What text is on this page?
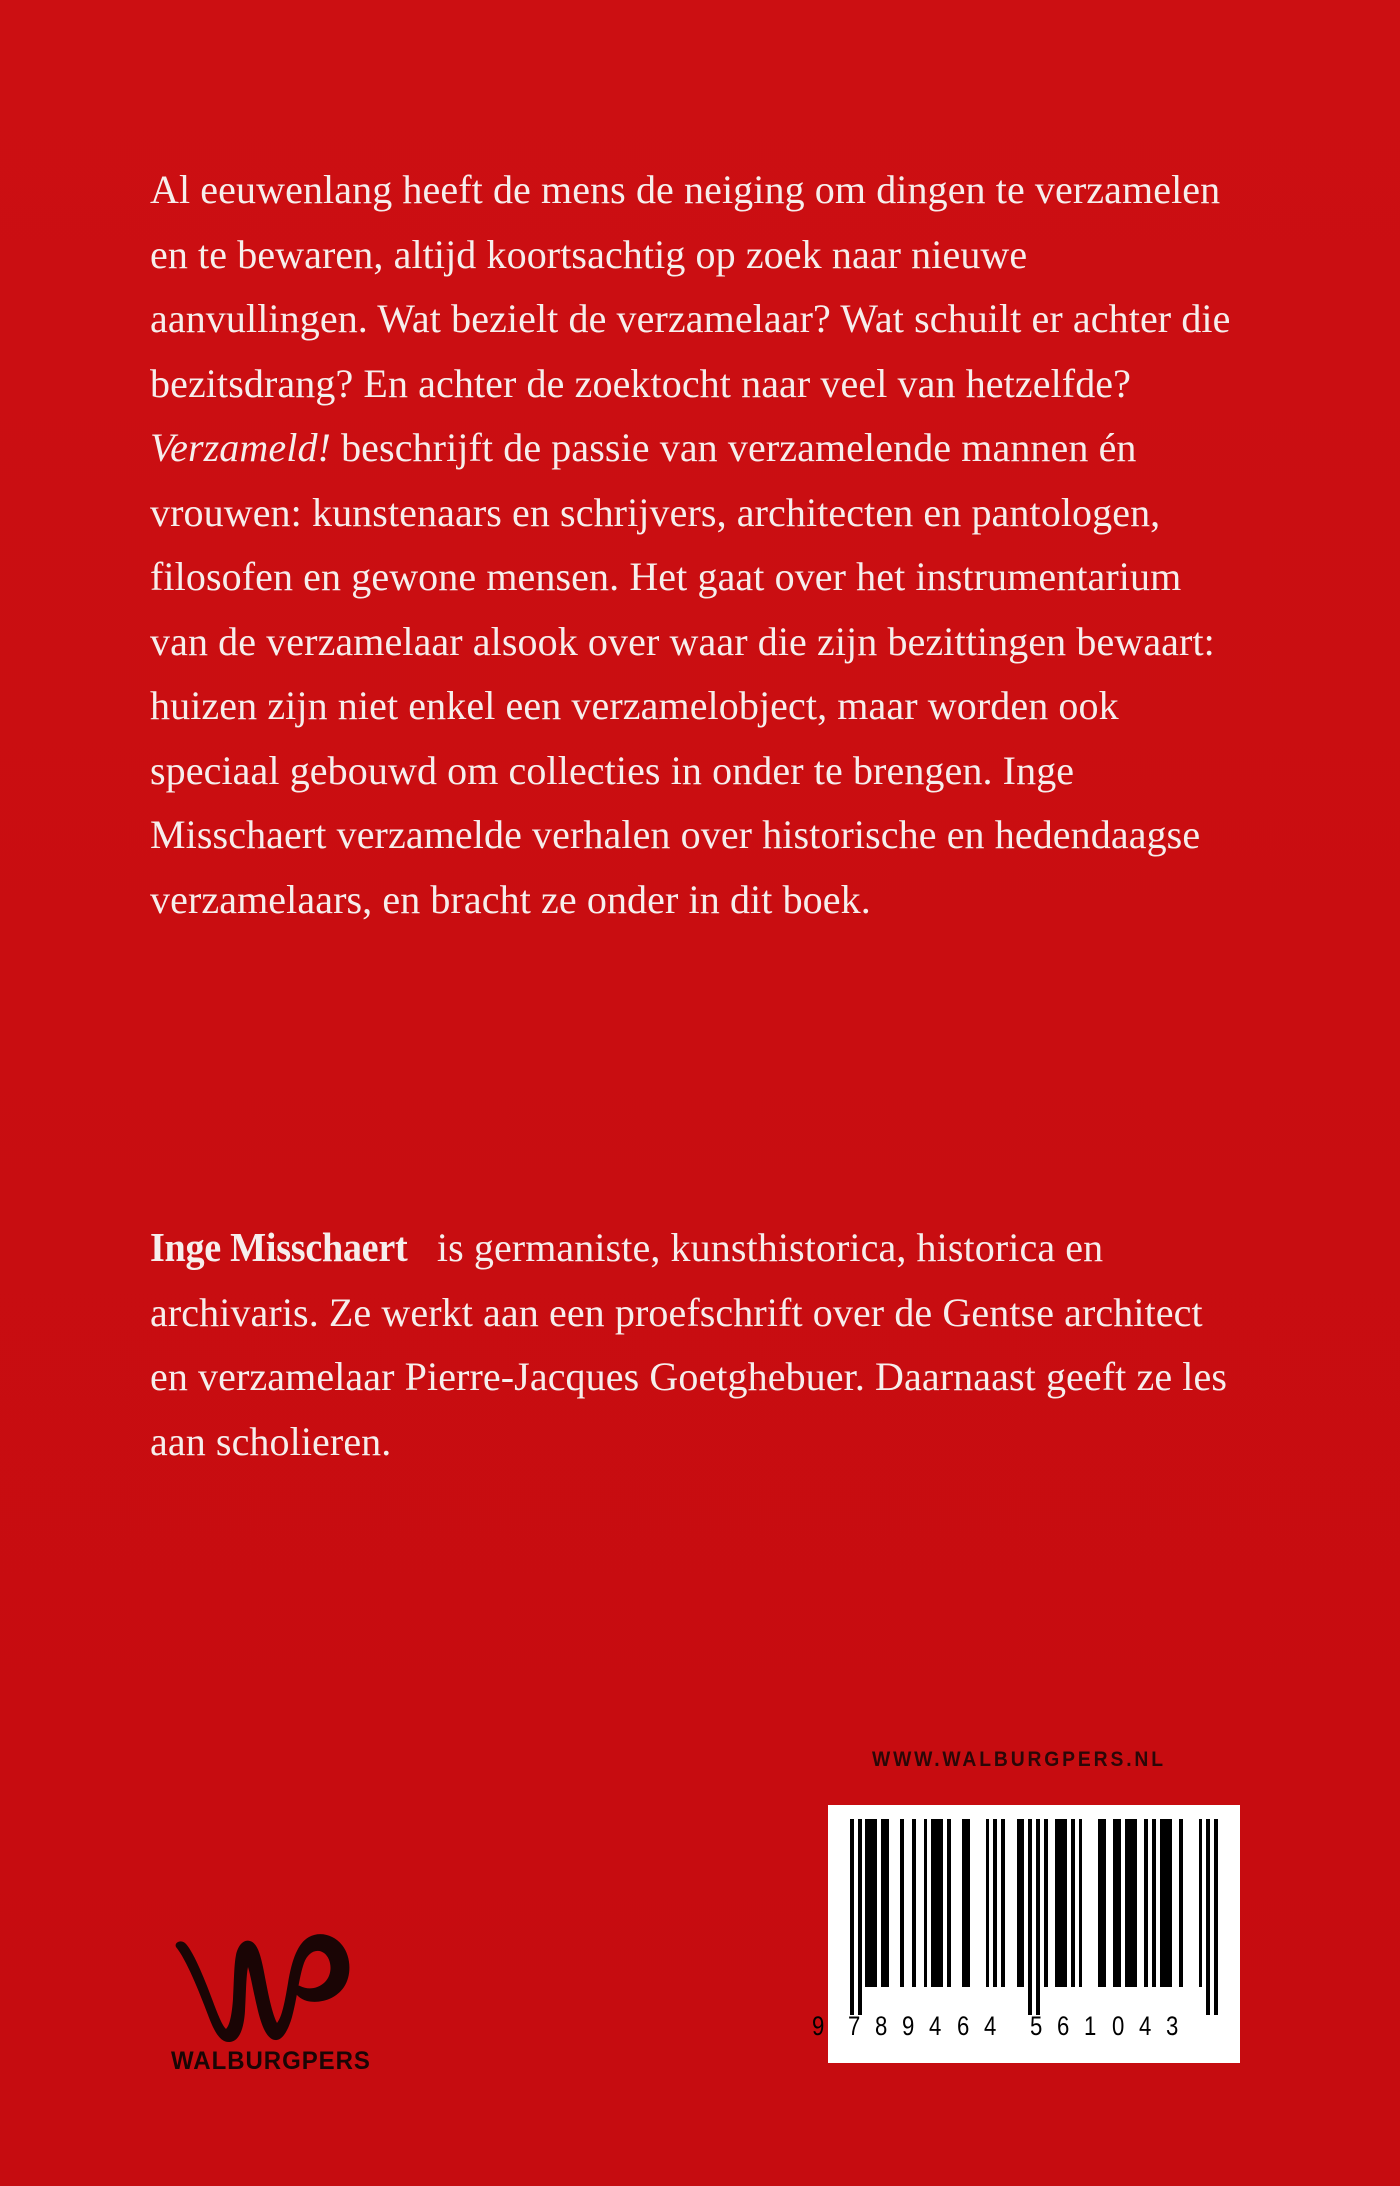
Al eeuwenlang heeft de mens de neiging om dingen te verzamelen en te bewaren, altijd koortsachtig op zoek naar nieuwe aanvullingen. Wat bezielt de verzamelaar? Wat schuilt er achter die bezitsdrang? En achter de zoektocht naar veel van hetzelfde? Verzameld! beschrijft de passie van verzamelende mannen én vrouwen: kunstenaars en schrijvers, architecten en pantologen, filosofen en gewone mensen. Het gaat over het instrumentarium van de verzamelaar alsook over waar die zijn bezittingen bewaart: huizen zijn niet enkel een verzamelobject, maar worden ook speciaal gebouwd om collecties in onder te brengen. Inge Misschaert verzamelde verhalen over historische en hedendaagse verzamelaars, en bracht ze onder in dit boek.

Inge Misschaert is germaniste, kunsthistorica, historica en archivaris. Ze werkt aan een proefschrift over de Gentse architect en verzamelaar Pierre-Jacques Goetghebuer. Daarnaast geeft ze les aan scholieren.

WWW.WALBURGPERS.NL
9 7 8 9 4 6 4 5 6 1 0 4 3
WALBURGPERS
